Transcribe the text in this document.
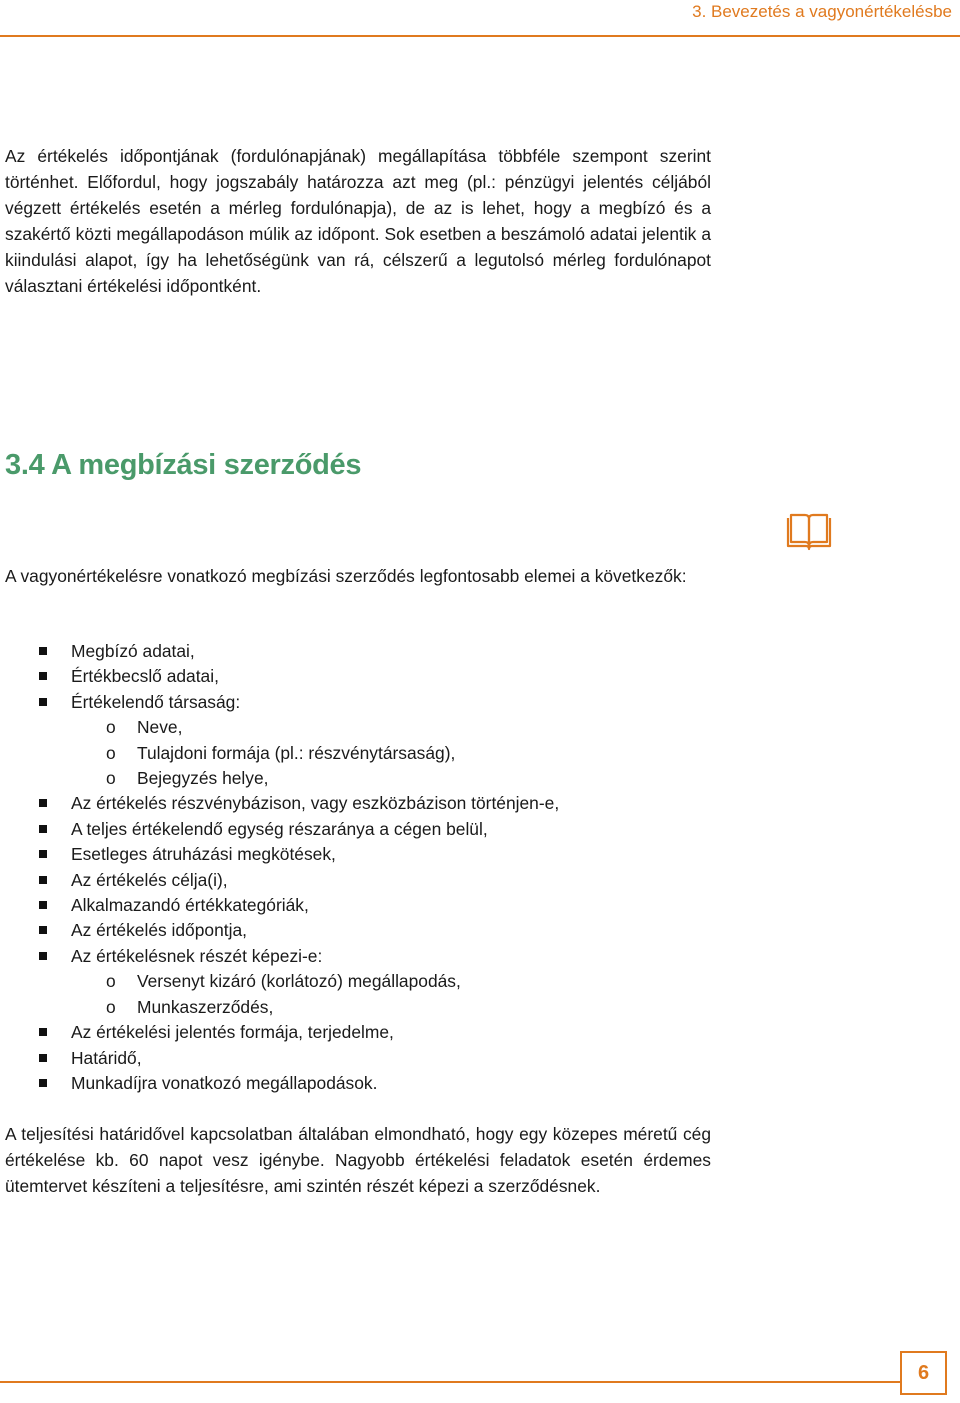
3. Bevezetés a vagyonértékelésbe

Az értékelés időpontjának (fordulónapjának) megállapítása többféle szempont szerint történhet. Előfordul, hogy jogszabály határozza azt meg (pl.: pénzügyi jelentés céljából végzett értékelés esetén a mérleg fordulónapja), de az is lehet, hogy a megbízó és a szakértő közti megállapodáson múlik az időpont. Sok esetben a beszámoló adatai jelentik a kiindulási alapot, így ha lehetőségünk van rá, célszerű a legutolsó mérleg fordulónapot választani értékelési időpontként.

3.4 A megbízási szerződés

A vagyonértékelésre vonatkozó megbízási szerződés legfontosabb elemei a következők:

Megbízó adatai,
Értékbecslő adatai,
Értékelendő társaság:
o Neve,
o Tulajdoni formája (pl.: részvénytársaság),
o Bejegyzés helye,
Az értékelés részvénybázison, vagy eszközbázison történjen-e,
A teljes értékelendő egység részaránya a cégen belül,
Esetleges átruházási megkötések,
Az értékelés célja(i),
Alkalmazandó értékkategóriák,
Az értékelés időpontja,
Az értékelésnek részét képezi-e:
o Versenyt kizáró (korlátozó) megállapodás,
o Munkaszerződés,
Az értékelési jelentés formája, terjedelme,
Határidő,
Munkadíjra vonatkozó megállapodások.

A teljesítési határidővel kapcsolatban általában elmondható, hogy egy közepes méretű cég értékelése kb. 60 napot vesz igénybe. Nagyobb értékelési feladatok esetén érdemes ütemtervet készíteni a teljesítésre, ami szintén részét képezi a szerződésnek.

6
